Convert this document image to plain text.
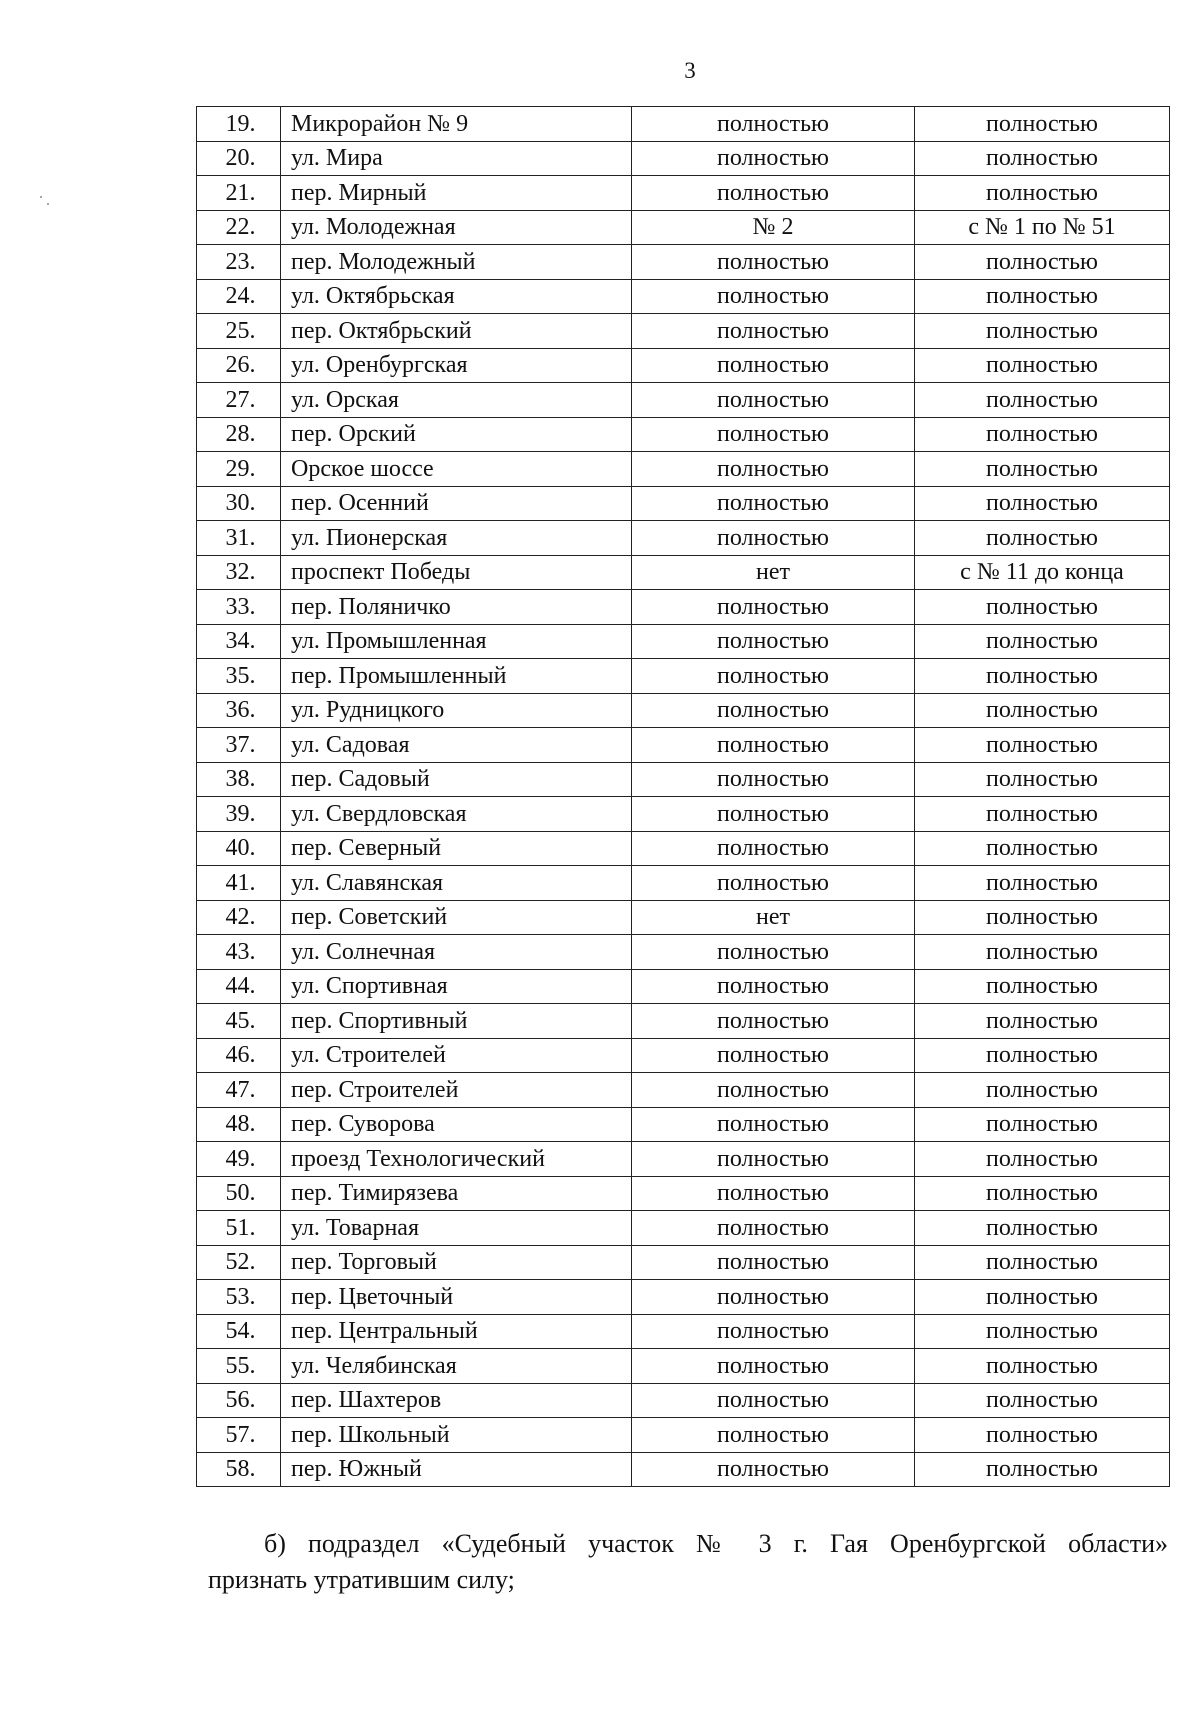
3
19.	Микрорайон № 9	полностью	полностью
20.	ул. Мира	полностью	полностью
21.	пер. Мирный	полностью	полностью
22.	ул. Молодежная	№ 2	с № 1 по № 51
23.	пер. Молодежный	полностью	полностью
24.	ул. Октябрьская	полностью	полностью
25.	пер. Октябрьский	полностью	полностью
26.	ул. Оренбургская	полностью	полностью
27.	ул. Орская	полностью	полностью
28.	пер. Орский	полностью	полностью
29.	Орское шоссе	полностью	полностью
30.	пер. Осенний	полностью	полностью
31.	ул. Пионерская	полностью	полностью
32.	проспект Победы	нет	с № 11 до конца
33.	пер. Поляничко	полностью	полностью
34.	ул. Промышленная	полностью	полностью
35.	пер. Промышленный	полностью	полностью
36.	ул. Рудницкого	полностью	полностью
37.	ул. Садовая	полностью	полностью
38.	пер. Садовый	полностью	полностью
39.	ул. Свердловская	полностью	полностью
40.	пер. Северный	полностью	полностью
41.	ул. Славянская	полностью	полностью
42.	пер. Советский	нет	полностью
43.	ул. Солнечная	полностью	полностью
44.	ул. Спортивная	полностью	полностью
45.	пер. Спортивный	полностью	полностью
46.	ул. Строителей	полностью	полностью
47.	пер. Строителей	полностью	полностью
48.	пер. Суворова	полностью	полностью
49.	проезд Технологический	полностью	полностью
50.	пер. Тимирязева	полностью	полностью
51.	ул. Товарная	полностью	полностью
52.	пер. Торговый	полностью	полностью
53.	пер. Цветочный	полностью	полностью
54.	пер. Центральный	полностью	полностью
55.	ул. Челябинская	полностью	полностью
56.	пер. Шахтеров	полностью	полностью
57.	пер. Школьный	полностью	полностью
58.	пер. Южный	полностью	полностью
б) подраздел «Судебный участок № 3 г. Гая Оренбургской области»
признать утратившим силу;
